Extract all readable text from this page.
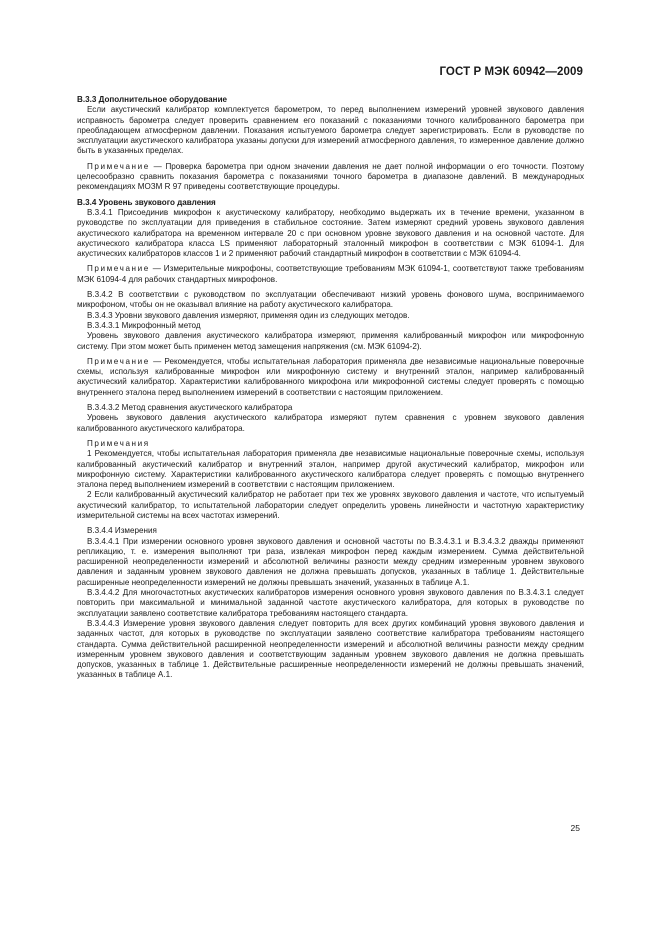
ГОСТ Р МЭК 60942—2009

В.3.3 Дополнительное оборудование

Если акустический калибратор комплектуется барометром, то перед выполнением измерений уровней звукового давления исправность барометра следует проверить сравнением его показаний с показаниями точного калиброванного барометра при преобладающем атмосферном давлении. Показания испытуемого барометра следует зарегистрировать. Если в руководстве по эксплуатации акустического калибратора указаны допуски для измерений атмосферного давления, то измеренное давление должно быть в указанных пределах.

Примечание — Проверка барометра при одном значении давления не дает полной информации о его точности. Поэтому целесообразно сравнить показания барометра с показаниями точного барометра в диапазоне давлений. В международных рекомендациях МОЗМ R 97 приведены соответствующие процедуры.

В.3.4 Уровень звукового давления

В.3.4.1 Присоединив микрофон к акустическому калибратору, необходимо выдержать их в течение времени, указанном в руководстве по эксплуатации для приведения в стабильное состояние. Затем измеряют средний уровень звукового давления акустического калибратора на временном интервале 20 с при основном уровне звукового давления и на основной частоте. Для акустического калибратора класса LS применяют лабораторный эталонный микрофон в соответствии с МЭК 61094-1. Для акустических калибраторов классов 1 и 2 применяют рабочий стандартный микрофон в соответствии с МЭК 61094-4.

Примечание — Измерительные микрофоны, соответствующие требованиям МЭК 61094-1, соответствуют также требованиям МЭК 61094-4 для рабочих стандартных микрофонов.

В.3.4.2 В соответствии с руководством по эксплуатации обеспечивают низкий уровень фонового шума, воспринимаемого микрофоном, чтобы он не оказывал влияние на работу акустического калибратора.

В.3.4.3 Уровни звукового давления измеряют, применяя один из следующих методов.

В.3.4.3.1 Микрофонный метод

Уровень звукового давления акустического калибратора измеряют, применяя калиброванный микрофон или микрофонную систему. При этом может быть применен метод замещения напряжения (см. МЭК 61094-2).

Примечание — Рекомендуется, чтобы испытательная лаборатория применяла две независимые национальные поверочные схемы, используя калиброванные микрофон или микрофонную систему и внутренний эталон, например калиброванный акустический калибратор. Характеристики калиброванного микрофона или микрофонной системы следует проверять с помощью внутреннего эталона перед выполнением измерений в соответствии с настоящим приложением.

В.3.4.3.2 Метод сравнения акустического калибратора

Уровень звукового давления акустического калибратора измеряют путем сравнения с уровнем звукового давления калиброванного акустического калибратора.

Примечания

1 Рекомендуется, чтобы испытательная лаборатория применяла две независимые национальные поверочные схемы, используя калиброванный акустический калибратор и внутренний эталон, например другой акустический калибратор, микрофон или микрофонную систему. Характеристики калиброванного акустического калибратора следует проверять с помощью внутреннего эталона перед выполнением измерений в соответствии с настоящим приложением.

2 Если калиброванный акустический калибратор не работает при тех же уровнях звукового давления и частоте, что испытуемый акустический калибратор, то испытательной лаборатории следует определить уровень линейности и частотную характеристику измерительной системы на всех частотах измерений.

В.3.4.4 Измерения

В.3.4.4.1 При измерении основного уровня звукового давления и основной частоты по В.3.4.3.1 и В.3.4.3.2 дважды применяют репликацию, т. е. измерения выполняют три раза, извлекая микрофон перед каждым измерением. Сумма действительной расширенной неопределенности измерений и абсолютной величины разности между средним измеренным уровнем звукового давления и заданным уровнем звукового давления не должна превышать допусков, указанных в таблице 1. Действительные расширенные неопределенности измерений не должны превышать значений, указанных в таблице А.1.

В.3.4.4.2 Для многочастотных акустических калибраторов измерения основного уровня звукового давления по В.3.4.3.1 следует повторить при максимальной и минимальной заданной частоте акустического калибратора, для которых в руководстве по эксплуатации заявлено соответствие калибратора требованиям настоящего стандарта.

В.3.4.4.3 Измерение уровня звукового давления следует повторить для всех других комбинаций уровня звукового давления и заданных частот, для которых в руководстве по эксплуатации заявлено соответствие калибратора требованиям настоящего стандарта. Сумма действительной расширенной неопределенности измерений и абсолютной величины разности между средним измеренным уровнем звукового давления и соответствующим заданным уровнем звукового давления не должна превышать допусков, указанных в таблице 1. Действительные расширенные неопределенности измерений не должны превышать значений, указанных в таблице А.1.

25
